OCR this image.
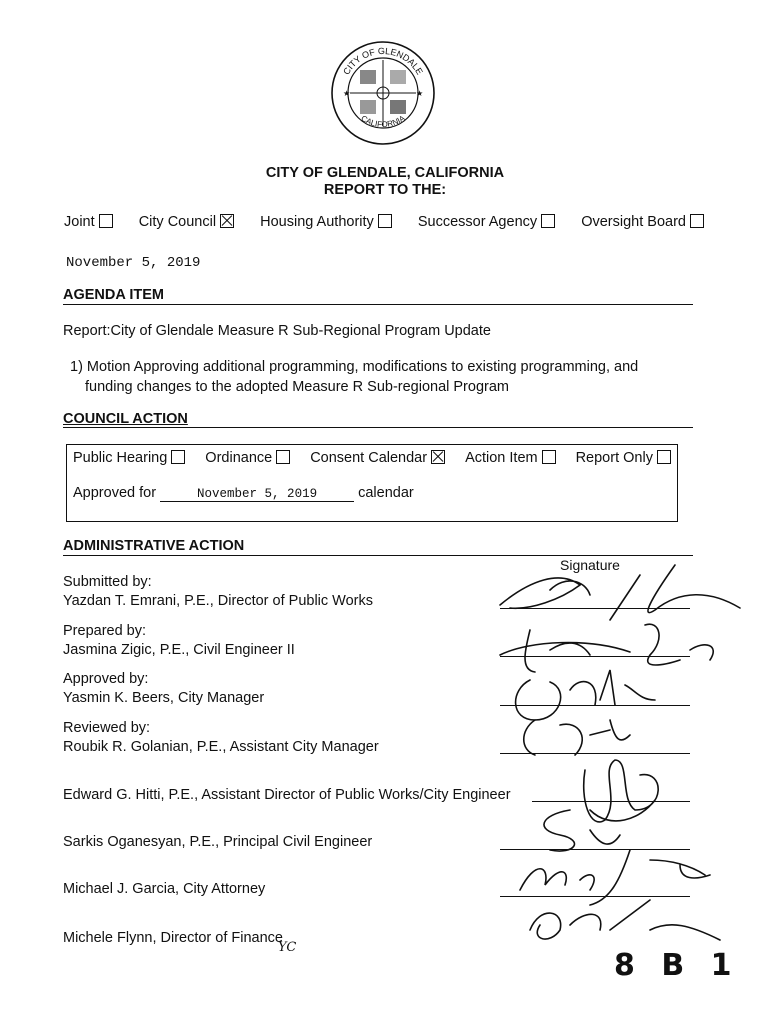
CITY OF GLENDALE
CALIFORNIA
★	★
CITY OF GLENDALE, CALIFORNIA
REPORT TO THE:
Joint	City Council	Housing Authority	Successor Agency	Oversight Board
November 5, 2019
AGENDA ITEM
Report:City of Glendale Measure R Sub-Regional Program Update
1) Motion Approving additional programming, modifications to existing programming, and
funding changes to the adopted Measure R Sub-regional Program
COUNCIL ACTION
Public Hearing	Ordinance	Consent Calendar	Action Item	Report Only
Approved for	November 5, 2019	calendar
ADMINISTRATIVE ACTION
Signature
Submitted by:
Yazdan T. Emrani, P.E., Director of Public Works
Prepared by:
Jasmina Zigic, P.E., Civil Engineer II
Approved by:
Yasmin K. Beers, City Manager
Reviewed by:
Roubik R. Golanian, P.E., Assistant City Manager
Edward G. Hitti, P.E., Assistant Director of Public Works/City Engineer
Sarkis Oganesyan, P.E., Principal Civil Engineer
Michael J. Garcia, City Attorney
Michele Flynn, Director of Finance
YC
8 B 1
